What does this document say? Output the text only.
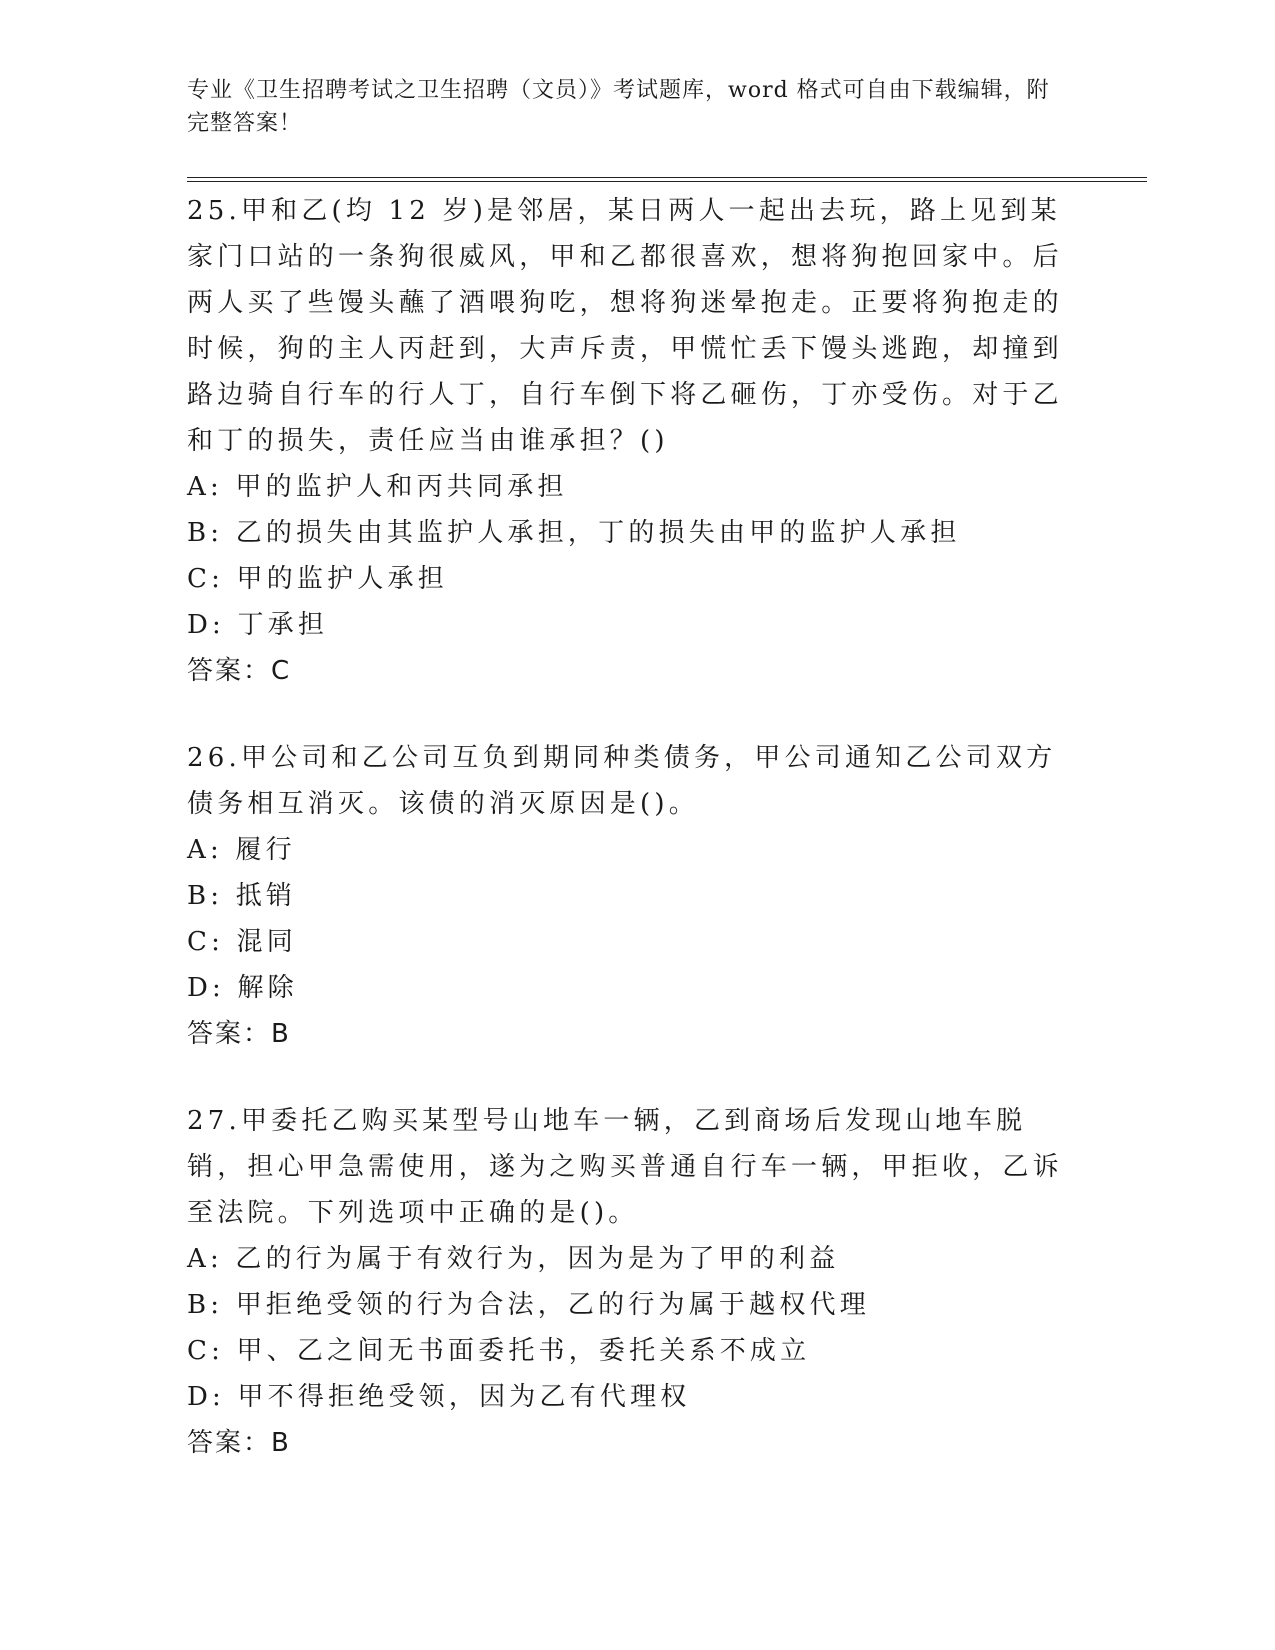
专业《卫生招聘考试之卫生招聘（文员）》考试题库，word 格式可自由下载编辑，附完整答案！
25.甲和乙(均 12 岁)是邻居，某日两人一起出去玩，路上见到某家门口站的一条狗很威风，甲和乙都很喜欢，想将狗抱回家中。后两人买了些馒头蘸了酒喂狗吃，想将狗迷晕抱走。正要将狗抱走的时候，狗的主人丙赶到，大声斥责，甲慌忙丢下馒头逃跑，却撞到路边骑自行车的行人丁，自行车倒下将乙砸伤，丁亦受伤。对于乙和丁的损失，责任应当由谁承担？()
A: 甲的监护人和丙共同承担
B: 乙的损失由其监护人承担，丁的损失由甲的监护人承担
C: 甲的监护人承担
D: 丁承担
答案：C
26.甲公司和乙公司互负到期同种类债务，甲公司通知乙公司双方债务相互消灭。该债的消灭原因是()。
A: 履行
B: 抵销
C: 混同
D: 解除
答案：B
27.甲委托乙购买某型号山地车一辆，乙到商场后发现山地车脱销，担心甲急需使用，遂为之购买普通自行车一辆，甲拒收，乙诉至法院。下列选项中正确的是()。
A: 乙的行为属于有效行为，因为是为了甲的利益
B: 甲拒绝受领的行为合法，乙的行为属于越权代理
C: 甲、乙之间无书面委托书，委托关系不成立
D: 甲不得拒绝受领，因为乙有代理权
答案：B
